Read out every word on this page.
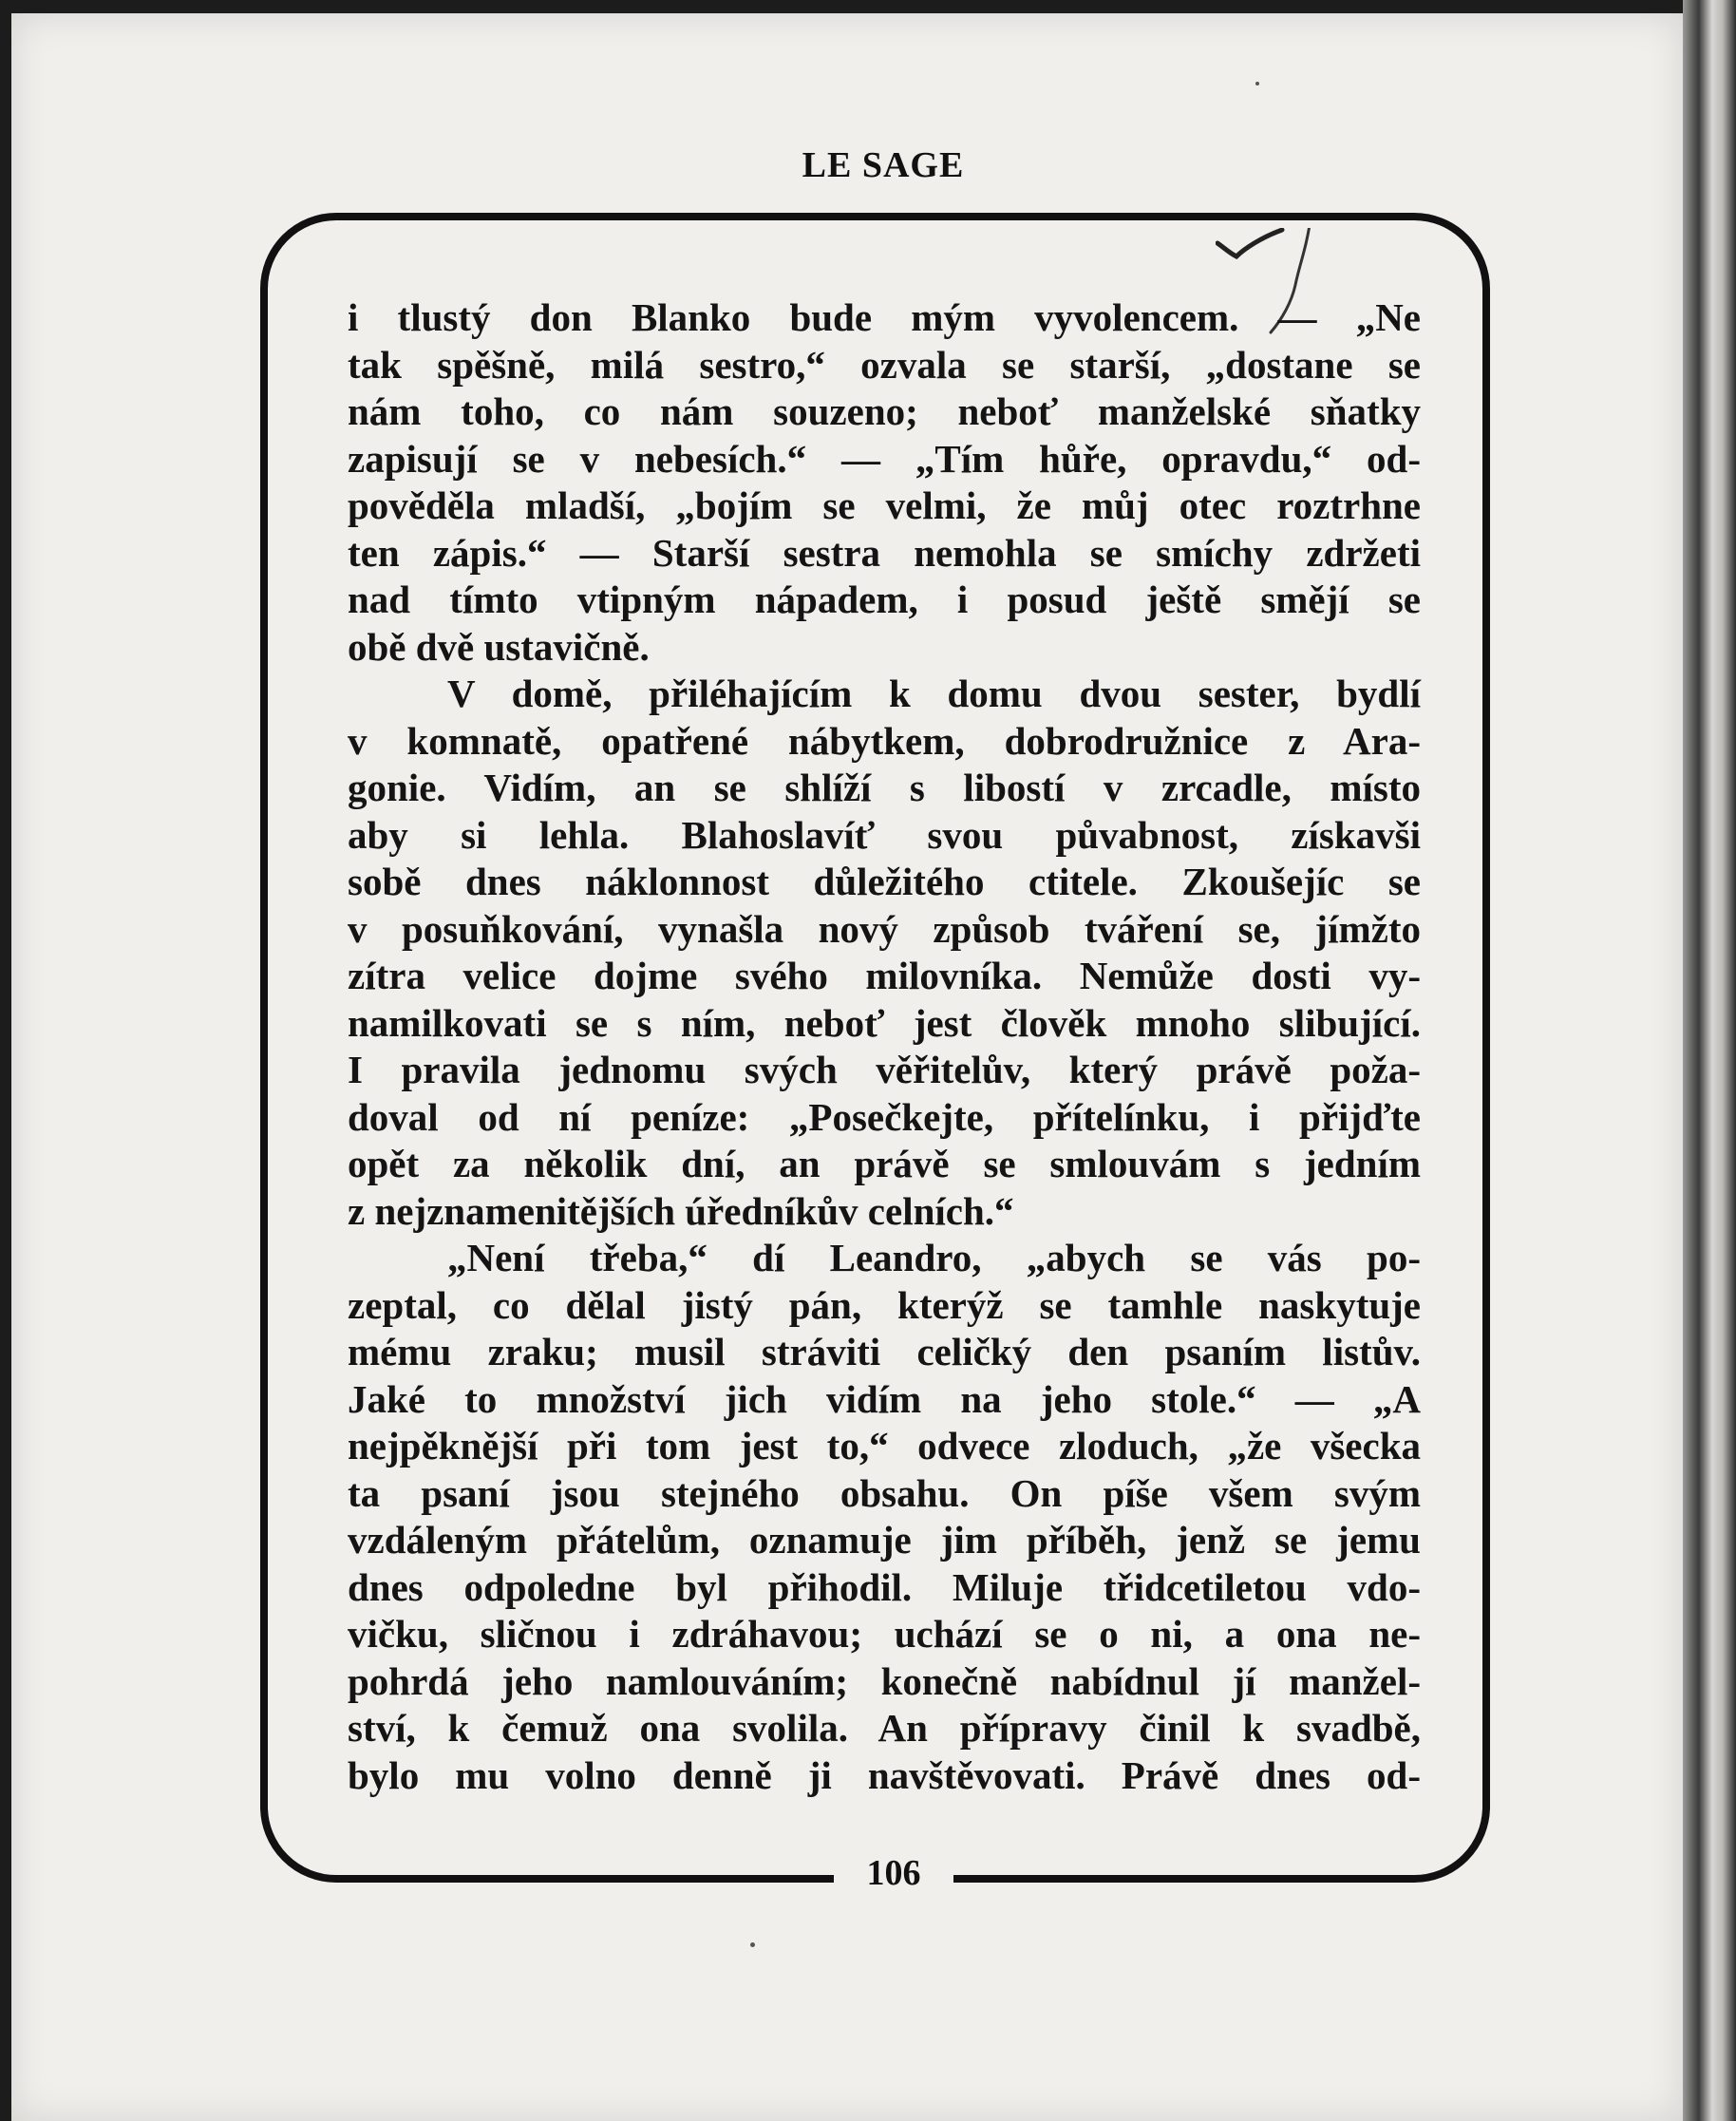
LE SAGE
106
i tlustý don Blanko bude mým vyvolencem. — „Ne
tak spěšně, milá sestro,“ ozvala se starší, „dostane se
nám toho, co nám souzeno; neboť manželské sňatky
zapisují se v nebesích.“ — „Tím hůře, opravdu,“ od-
pověděla mladší, „bojím se velmi, že můj otec roztrhne
ten zápis.“ — Starší sestra nemohla se smíchy zdržeti
nad tímto vtipným nápadem, i posud ještě smějí se
obě dvě ustavičně.
V domě, přiléhajícím k domu dvou sester, bydlí
v komnatě, opatřené nábytkem, dobrodružnice z Ara-
gonie. Vidím, an se shlíží s libostí v zrcadle, místo
aby si lehla. Blahoslavíť svou půvabnost, získavši
sobě dnes náklonnost důležitého ctitele. Zkoušejíc se
v posuňkování, vynašla nový způsob tváření se, jímžto
zítra velice dojme svého milovníka. Nemůže dosti vy-
namilkovati se s ním, neboť jest člověk mnoho slibující.
I pravila jednomu svých věřitelův, který právě poža-
doval od ní peníze: „Posečkejte, přítelínku, i přijďte
opět za několik dní, an právě se smlouvám s jedním
z nejznamenitějších úředníkův celních.“
„Není třeba,“ dí Leandro, „abych se vás po-
zeptal, co dělal jistý pán, kterýž se tamhle naskytuje
mému zraku; musil stráviti celičký den psaním listův.
Jaké to množství jich vidím na jeho stole.“ — „A
nejpěknější při tom jest to,“ odvece zloduch, „že všecka
ta psaní jsou stejného obsahu. On píše všem svým
vzdáleným přátelům, oznamuje jim příběh, jenž se jemu
dnes odpoledne byl přihodil. Miluje třidcetiletou vdo-
vičku, sličnou i zdráhavou; uchází se o ni, a ona ne-
pohrdá jeho namlouváním; konečně nabídnul jí manžel-
ství, k čemuž ona svolila. An přípravy činil k svadbě,
bylo mu volno denně ji navštěvovati. Právě dnes od-
